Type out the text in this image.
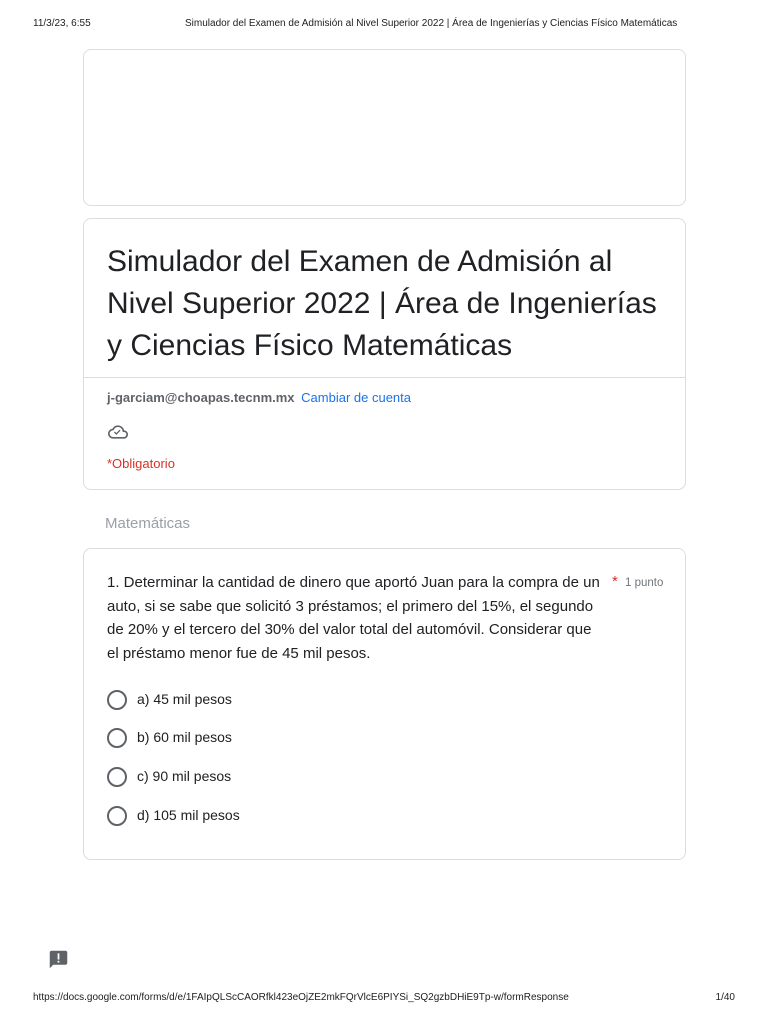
11/3/23, 6:55	Simulador del Examen de Admisión al Nivel Superior 2022 | Área de Ingenierías y Ciencias Físico Matemáticas
Simulador del Examen de Admisión al Nivel Superior 2022 | Área de Ingenierías y Ciencias Físico Matemáticas
j-garciam@choapas.tecnm.mx Cambiar de cuenta
*Obligatorio
Matemáticas
1. Determinar la cantidad de dinero que aportó Juan para la compra de un auto, si se sabe que solicitó 3 préstamos; el primero del 15%, el segundo de 20% y el tercero del 30% del valor total del automóvil. Considerar que el préstamo menor fue de 45 mil pesos.
* 1 punto
a) 45 mil pesos
b) 60 mil pesos
c) 90 mil pesos
d) 105 mil pesos
https://docs.google.com/forms/d/e/1FAIpQLScCAORfkl423eOjZE2mkFQrVlcE6PIYSi_SQ2gzbDHiE9Tp-w/formResponse	1/40
